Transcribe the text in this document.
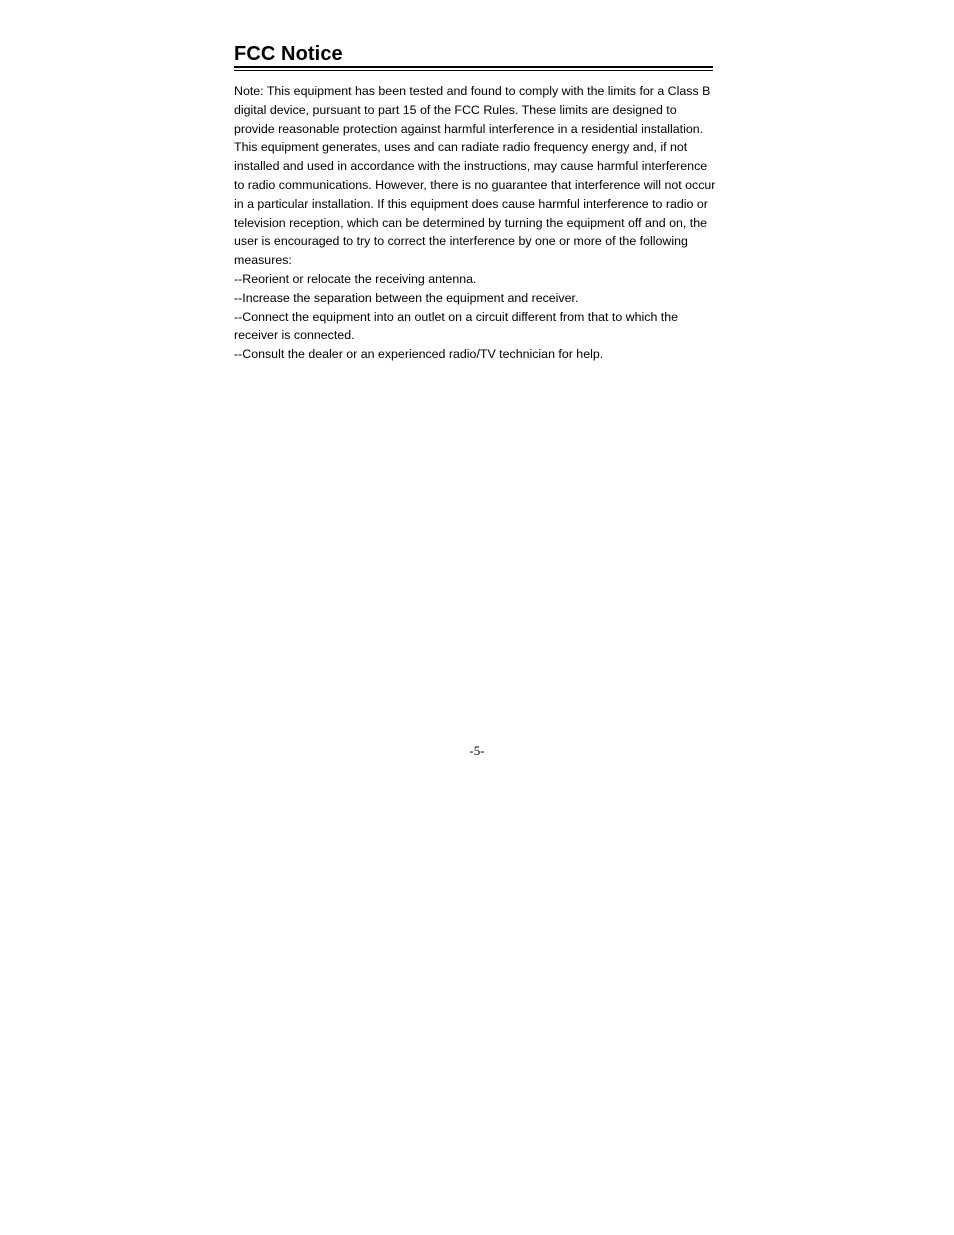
FCC Notice

Note: This equipment has been tested and found to comply with the limits for a Class B
digital device, pursuant to part 15 of the FCC Rules. These limits are designed to
provide reasonable protection against harmful interference in a residential installation.
This equipment generates, uses and can radiate radio frequency energy and, if not
installed and used in accordance with the instructions, may cause harmful interference
to radio communications. However, there is no guarantee that interference will not occur
in a particular installation. If this equipment does cause harmful interference to radio or
television reception, which can be determined by turning the equipment off and on, the
user is encouraged to try to correct the interference by one or more of the following
measures:

--Reorient or relocate the receiving antenna.
--Increase the separation between the equipment and receiver.
--Connect the equipment into an outlet on a circuit different from that to which the
receiver is connected.
--Consult the dealer or an experienced radio/TV technician for help.
-5-
